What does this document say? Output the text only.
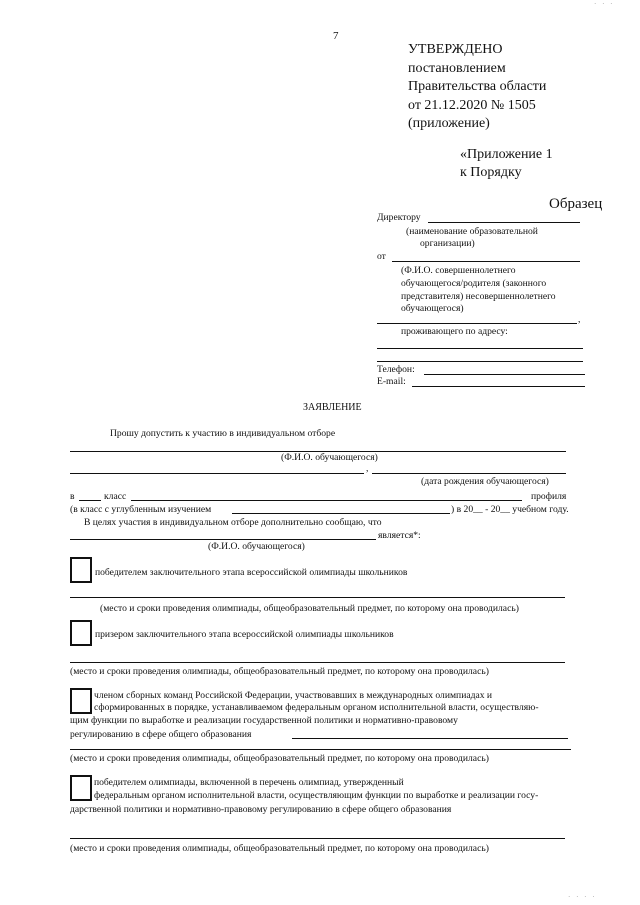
7
· · ·
УТВЕРЖДЕНО
постановлением
Правительства области
от 21.12.2020 № 1505
(приложение)
«Приложение 1
к Порядку
Образец
Директору
(наименование образовательной
организации)
от
(Ф.И.О. совершеннолетнего
обучающегося/родителя (законного
представителя) несовершеннолетнего
обучающегося)
,
проживающего по адресу:
Телефон:
E-mail:
ЗАЯВЛЕНИЕ
Прошу допустить к участию в индивидуальном отборе
(Ф.И.О. обучающегося)
,
(дата рождения обучающегося)
в	класс	профиля
(в класс с углубленным изучением	) в 20__ - 20__ учебном году.
В целях участия в индивидуальном отборе дополнительно сообщаю, что
является*:
(Ф.И.О. обучающегося)
победителем заключительного этапа всероссийской олимпиады школьников
(место и сроки проведения олимпиады, общеобразовательный предмет, по которому она проводилась)
призером заключительного этапа всероссийской олимпиады школьников
(место и сроки проведения олимпиады, общеобразовательный предмет, по которому она проводилась)
членом сборных команд Российской Федерации, участвовавших в международных олимпиадах и
сформированных в порядке, устанавливаемом федеральным органом исполнительной власти, осуществляю-
щим функции по выработке и реализации государственной политики и нормативно-правовому
регулированию в сфере общего образования
(место и сроки проведения олимпиады, общеобразовательный предмет, по которому она проводилась)
победителем олимпиады, включенной в перечень олимпиад, утвержденный
федеральным органом исполнительной власти, осуществляющим функции по выработке и реализации госу-
дарственной политики и нормативно-правовому регулированию в сфере общего образования
(место и сроки проведения олимпиады, общеобразовательный предмет, по которому она проводилась)
· · · ·
